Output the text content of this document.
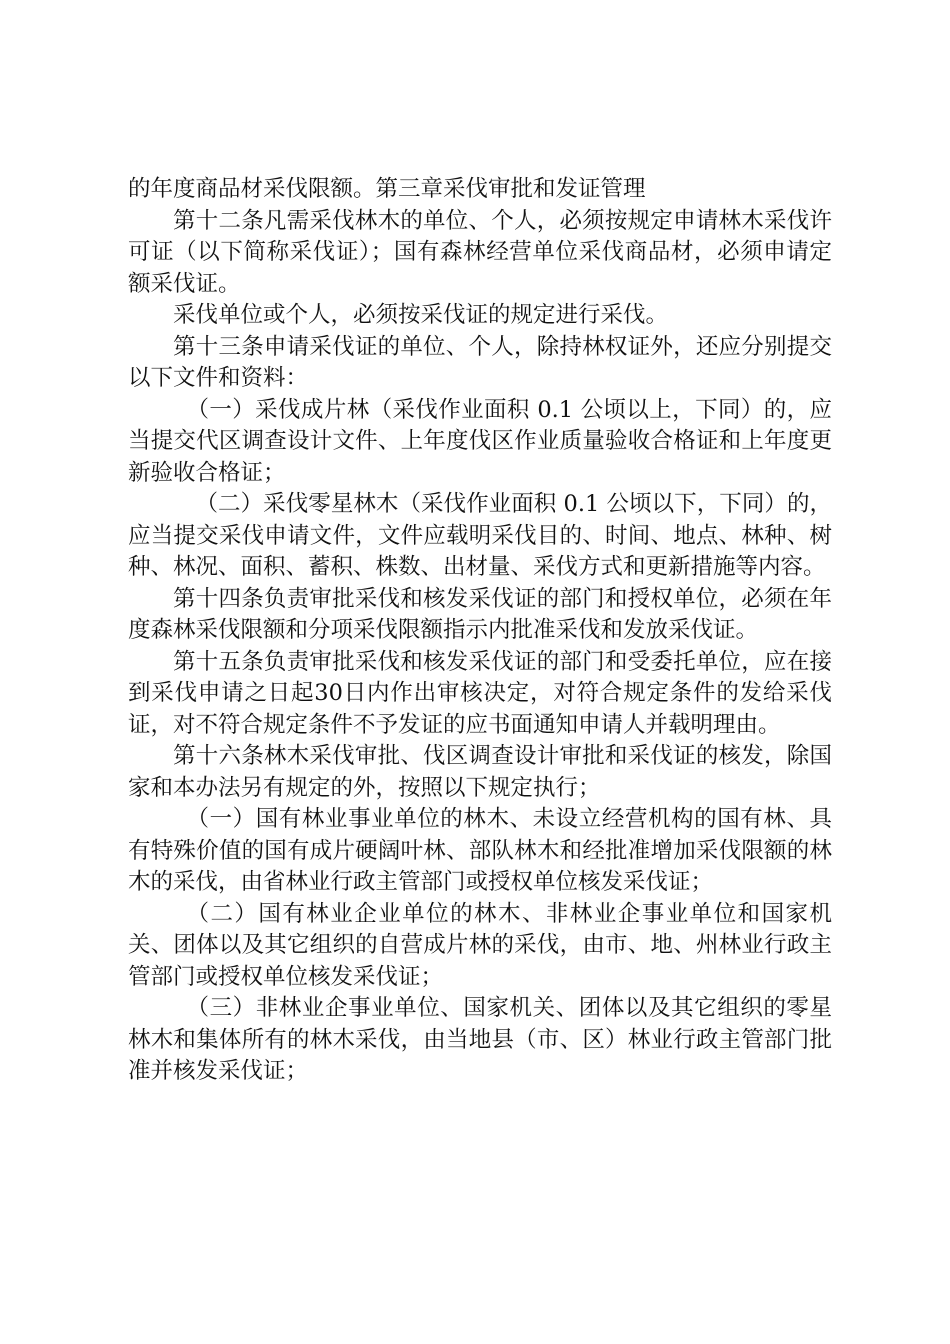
的年度商品材采伐限额。第三章采伐审批和发证管理

第十二条凡需采伐林木的单位、个人，必须按规定申请林木采伐许可证（以下简称采伐证）；国有森林经营单位采伐商品材，必须申请定额采伐证。

采伐单位或个人，必须按采伐证的规定进行采伐。

第十三条申请采伐证的单位、个人，除持林权证外，还应分别提交以下文件和资料：

（一）采伐成片林（采伐作业面积 0.1 公顷以上，下同）的，应当提交代区调查设计文件、上年度伐区作业质量验收合格证和上年度更新验收合格证；

（二）采伐零星林木（采伐作业面积 0.1 公顷以下，下同）的，应当提交采伐申请文件，文件应载明采伐目的、时间、地点、林种、树种、林况、面积、蓄积、株数、出材量、采伐方式和更新措施等内容。

第十四条负责审批采伐和核发采伐证的部门和授权单位，必须在年度森林采伐限额和分项采伐限额指示内批准采伐和发放采伐证。

第十五条负责审批采伐和核发采伐证的部门和受委托单位，应在接到采伐申请之日起30日内作出审核决定，对符合规定条件的发给采伐证，对不符合规定条件不予发证的应书面通知申请人并载明理由。

第十六条林木采伐审批、伐区调查设计审批和采伐证的核发，除国家和本办法另有规定的外，按照以下规定执行；

（一）国有林业事业单位的林木、未设立经营机构的国有林、具有特殊价值的国有成片硬阔叶林、部队林木和经批准增加采伐限额的林木的采伐，由省林业行政主管部门或授权单位核发采伐证；

（二）国有林业企业单位的林木、非林业企事业单位和国家机关、团体以及其它组织的自营成片林的采伐，由市、地、州林业行政主管部门或授权单位核发采伐证；

（三）非林业企事业单位、国家机关、团体以及其它组织的零星林木和集体所有的林木采伐，由当地县（市、区）林业行政主管部门批准并核发采伐证；
